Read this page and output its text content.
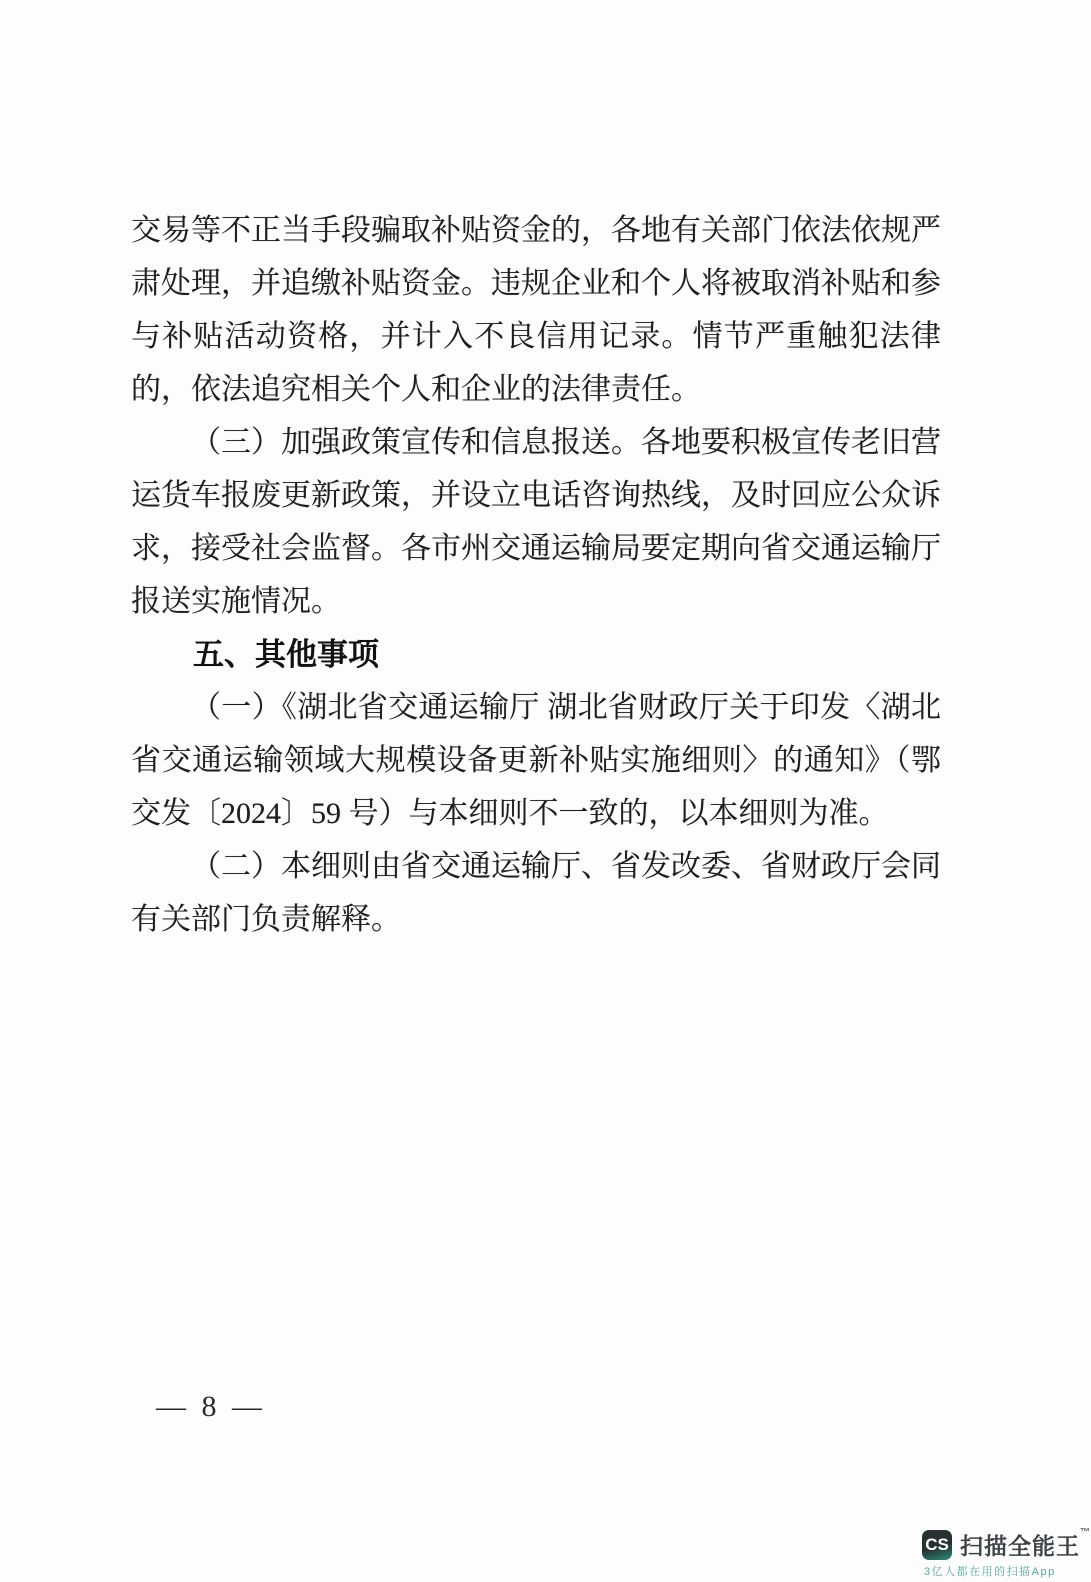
交易等不正当手段骗取补贴资金的，各地有关部门依法依规严肃处理，并追缴补贴资金。违规企业和个人将被取消补贴和参与补贴活动资格，并计入不良信用记录。情节严重触犯法律的，依法追究相关个人和企业的法律责任。

（三）加强政策宣传和信息报送。各地要积极宣传老旧营运货车报废更新政策，并设立电话咨询热线，及时回应公众诉求，接受社会监督。各市州交通运输局要定期向省交通运输厅报送实施情况。

五、其他事项

（一）《湖北省交通运输厅 湖北省财政厅关于印发〈湖北省交通运输领域大规模设备更新补贴实施细则〉的通知》（鄂交发〔2024〕59 号）与本细则不一致的，以本细则为准。

（二）本细则由省交通运输厅、省发改委、省财政厅会同有关部门负责解释。

— 8 —
CS 扫描全能王™
3亿人都在用的扫描App
